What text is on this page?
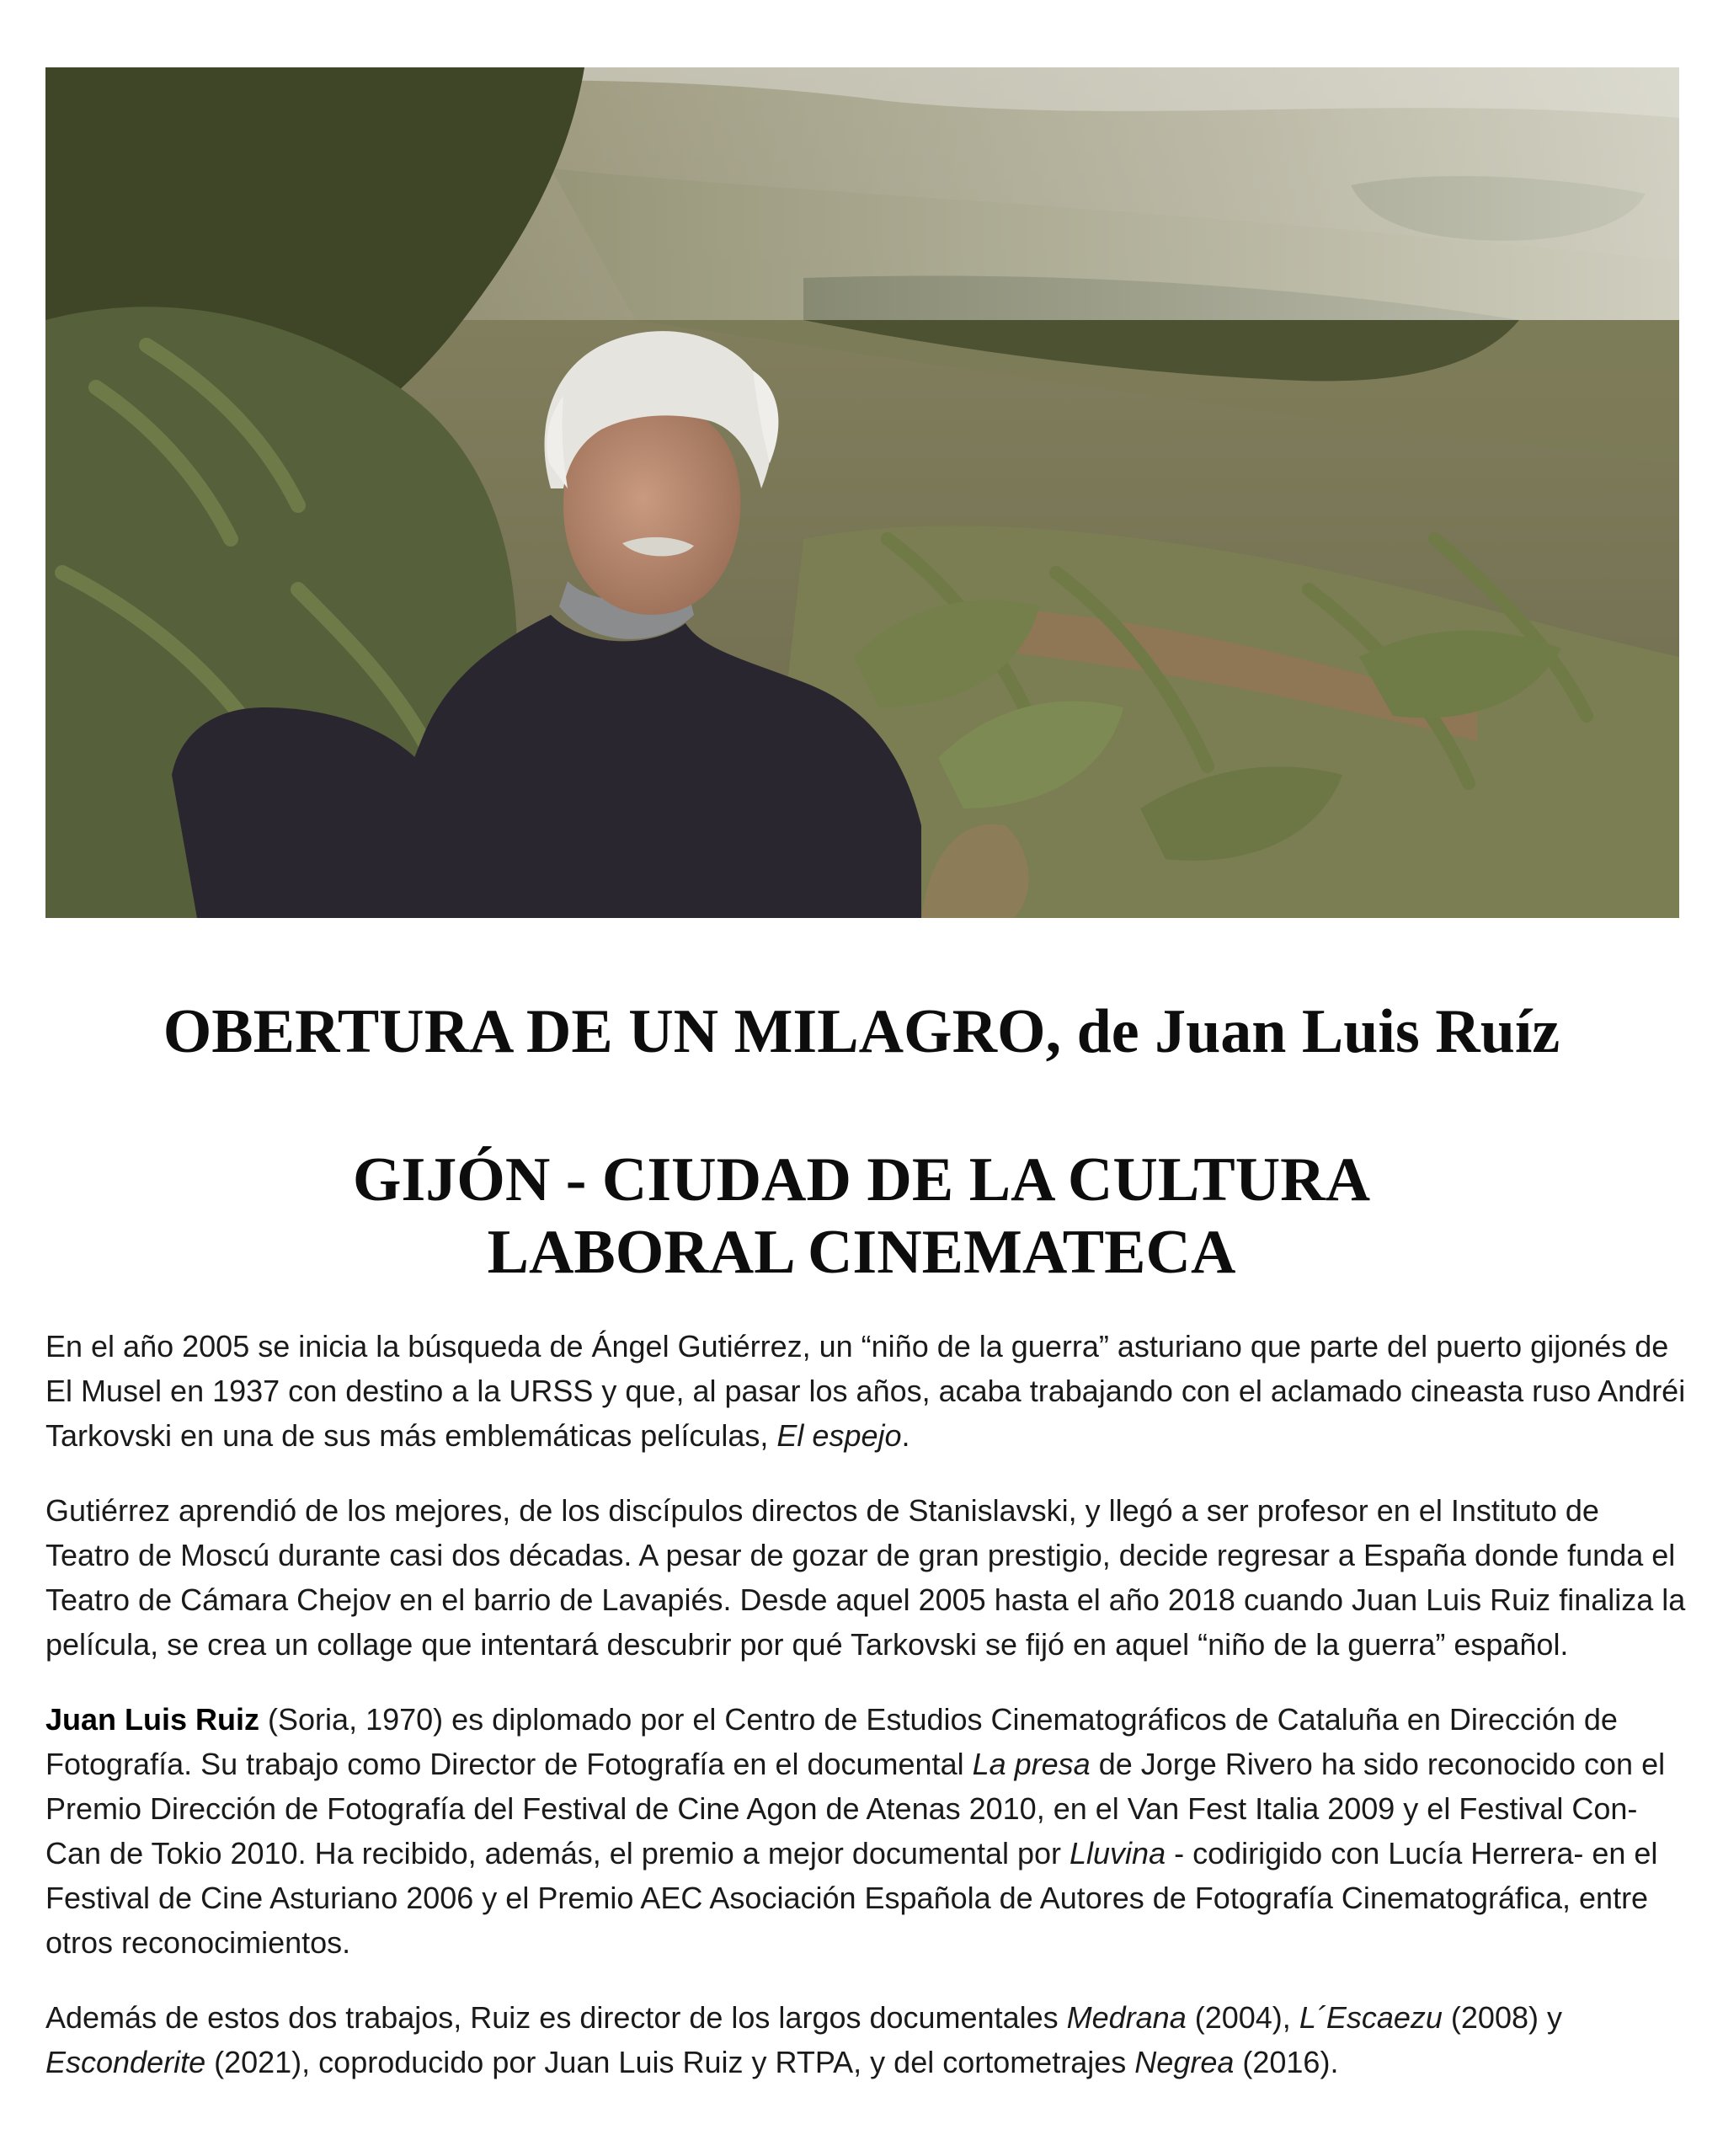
OBERTURA DE UN MILAGRO, de Juan Luis Ruíz
GIJÓN - CIUDAD DE LA CULTURA
LABORAL CINEMATECA

En el año 2005 se inicia la búsqueda de Ángel Gutiérrez, un “niño de la guerra” asturiano que parte del puerto gijonés de El Musel en 1937 con destino a la URSS y que, al pasar los años, acaba trabajando con el aclamado cineasta ruso Andréi Tarkovski en una de sus más emblemáticas películas, El espejo.

Gutiérrez aprendió de los mejores, de los discípulos directos de Stanislavski, y llegó a ser profesor en el Instituto de Teatro de Moscú durante casi dos décadas. A pesar de gozar de gran prestigio, decide regresar a España donde funda el Teatro de Cámara Chejov en el barrio de Lavapiés. Desde aquel 2005 hasta el año 2018 cuando Juan Luis Ruiz finaliza la película, se crea un collage que intentará descubrir por qué Tarkovski se fijó en aquel “niño de la guerra” español.

Juan Luis Ruiz (Soria, 1970) es diplomado por el Centro de Estudios Cinematográficos de Cataluña en Dirección de Fotografía. Su trabajo como Director de Fotografía en el documental La presa de Jorge Rivero ha sido reconocido con el Premio Dirección de Fotografía del Festival de Cine Agon de Atenas 2010, en el Van Fest Italia 2009 y el Festival Con-Can de Tokio 2010. Ha recibido, además, el premio a mejor documental por Lluvina - codirigido con Lucía Herrera- en el Festival de Cine Asturiano 2006 y el Premio AEC Asociación Española de Autores de Fotografía Cinematográfica, entre otros reconocimientos.

Además de estos dos trabajos, Ruiz es director de los largos documentales Medrana (2004), L´Escaezu (2008) y Esconderite (2021), coproducido por Juan Luis Ruiz y RTPA, y del cortometrajes Negrea (2016).
